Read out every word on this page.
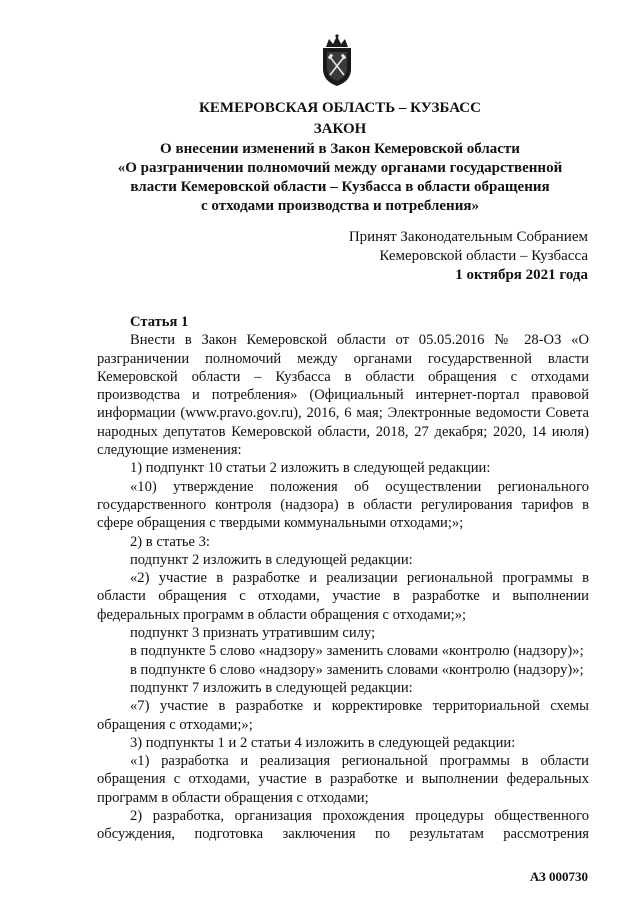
КЕМЕРОВСКАЯ ОБЛАСТЬ – КУЗБАСС
ЗАКОН
О внесении изменений в Закон Кемеровской области
«О разграничении полномочий между органами государственной
власти Кемеровской области – Кузбасса в области обращения
с отходами производства и потребления»
Принят Законодательным Собранием
Кемеровской области – Кузбасса
1 октября 2021 года
Статья 1

Внести в Закон Кемеровской области от 05.05.2016 № 28-ОЗ «О разграничении полномочий между органами государственной власти Кемеровской области – Кузбасса в области обращения с отходами производства и потребления» (Официальный интернет-портал правовой информации (www.pravo.gov.ru), 2016, 6 мая; Электронные ведомости Совета народных депутатов Кемеровской области, 2018, 27 декабря; 2020, 14 июля) следующие изменения:

1) подпункт 10 статьи 2 изложить в следующей редакции:

«10) утверждение положения об осуществлении регионального государственного контроля (надзора) в области регулирования тарифов в сфере обращения с твердыми коммунальными отходами;»;

2) в статье 3:

подпункт 2 изложить в следующей редакции:

«2) участие в разработке и реализации региональной программы в области обращения с отходами, участие в разработке и выполнении федеральных программ в области обращения с отходами;»;

подпункт 3 признать утратившим силу;

в подпункте 5 слово «надзору» заменить словами «контролю (надзору)»;

в подпункте 6 слово «надзору» заменить словами «контролю (надзору)»;

подпункт 7 изложить в следующей редакции:

«7) участие в разработке и корректировке территориальной схемы обращения с отходами;»;

3) подпункты 1 и 2 статьи 4 изложить в следующей редакции:

«1) разработка и реализация региональной программы в области обращения с отходами, участие в разработке и выполнении федеральных программ в области обращения с отходами;

2) разработка, организация прохождения процедуры общественного обсуждения, подготовка заключения по результатам рассмотрения

АЗ 000730
